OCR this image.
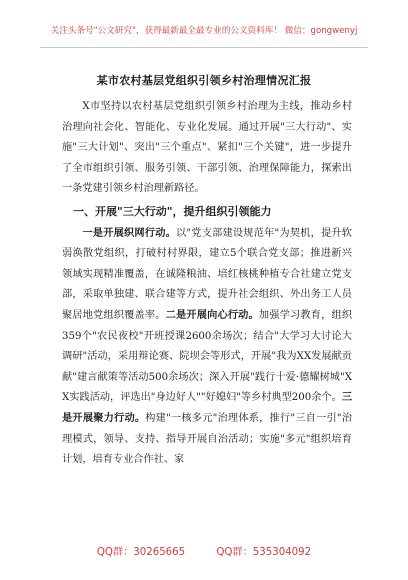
关注头条号"公文研究"，获得最新最全最专业的公文资料库！ 微信：gongwenyj
某市农村基层党组织引领乡村治理情况汇报

X市坚持以农村基层党组织引领乡村治理为主线，推动乡村治理向社会化、智能化、专业化发展。通过开展"三大行动"、实施"三大计划"、突出"三个重点"、紧扣"三个关键"，进一步提升了全市组织引领、服务引领、干部引领、治理保障能力，探索出一条党建引领乡村治理新路径。

一、开展"三大行动"，提升组织引领能力

一是开展织网行动。以"党支部建设规范年"为契机，提升软弱涣散党组织，打破村村界限，建立5个联合党支部；推进新兴领域实现精准覆盖，在诚隆粮油、培红核桃种植专合社建立党支部，采取单独建、联合建等方式，提升社会组织、外出务工人员聚居地党组织覆盖率。二是开展向心行动。加强学习教育，组织359个"农民夜校"开班授课2600余场次；结合"大学习大讨论大调研"活动，采用辩论赛、院坝会等形式，开展"我为XX发展献贡献"建言献策等活动500余场次；深入开展"践行十爱·德耀树城"XX实践活动，评选出"身边好人""好媳妇"等乡村典型200余个。三是开展聚力行动。构建"一核多元"治理体系，推行"三自一引"治理模式，领导、支持、指导开展自治活动；实施"多元"组织培育计划，培育专业合作社、家

QQ群：30265665	QQ群：535304092
